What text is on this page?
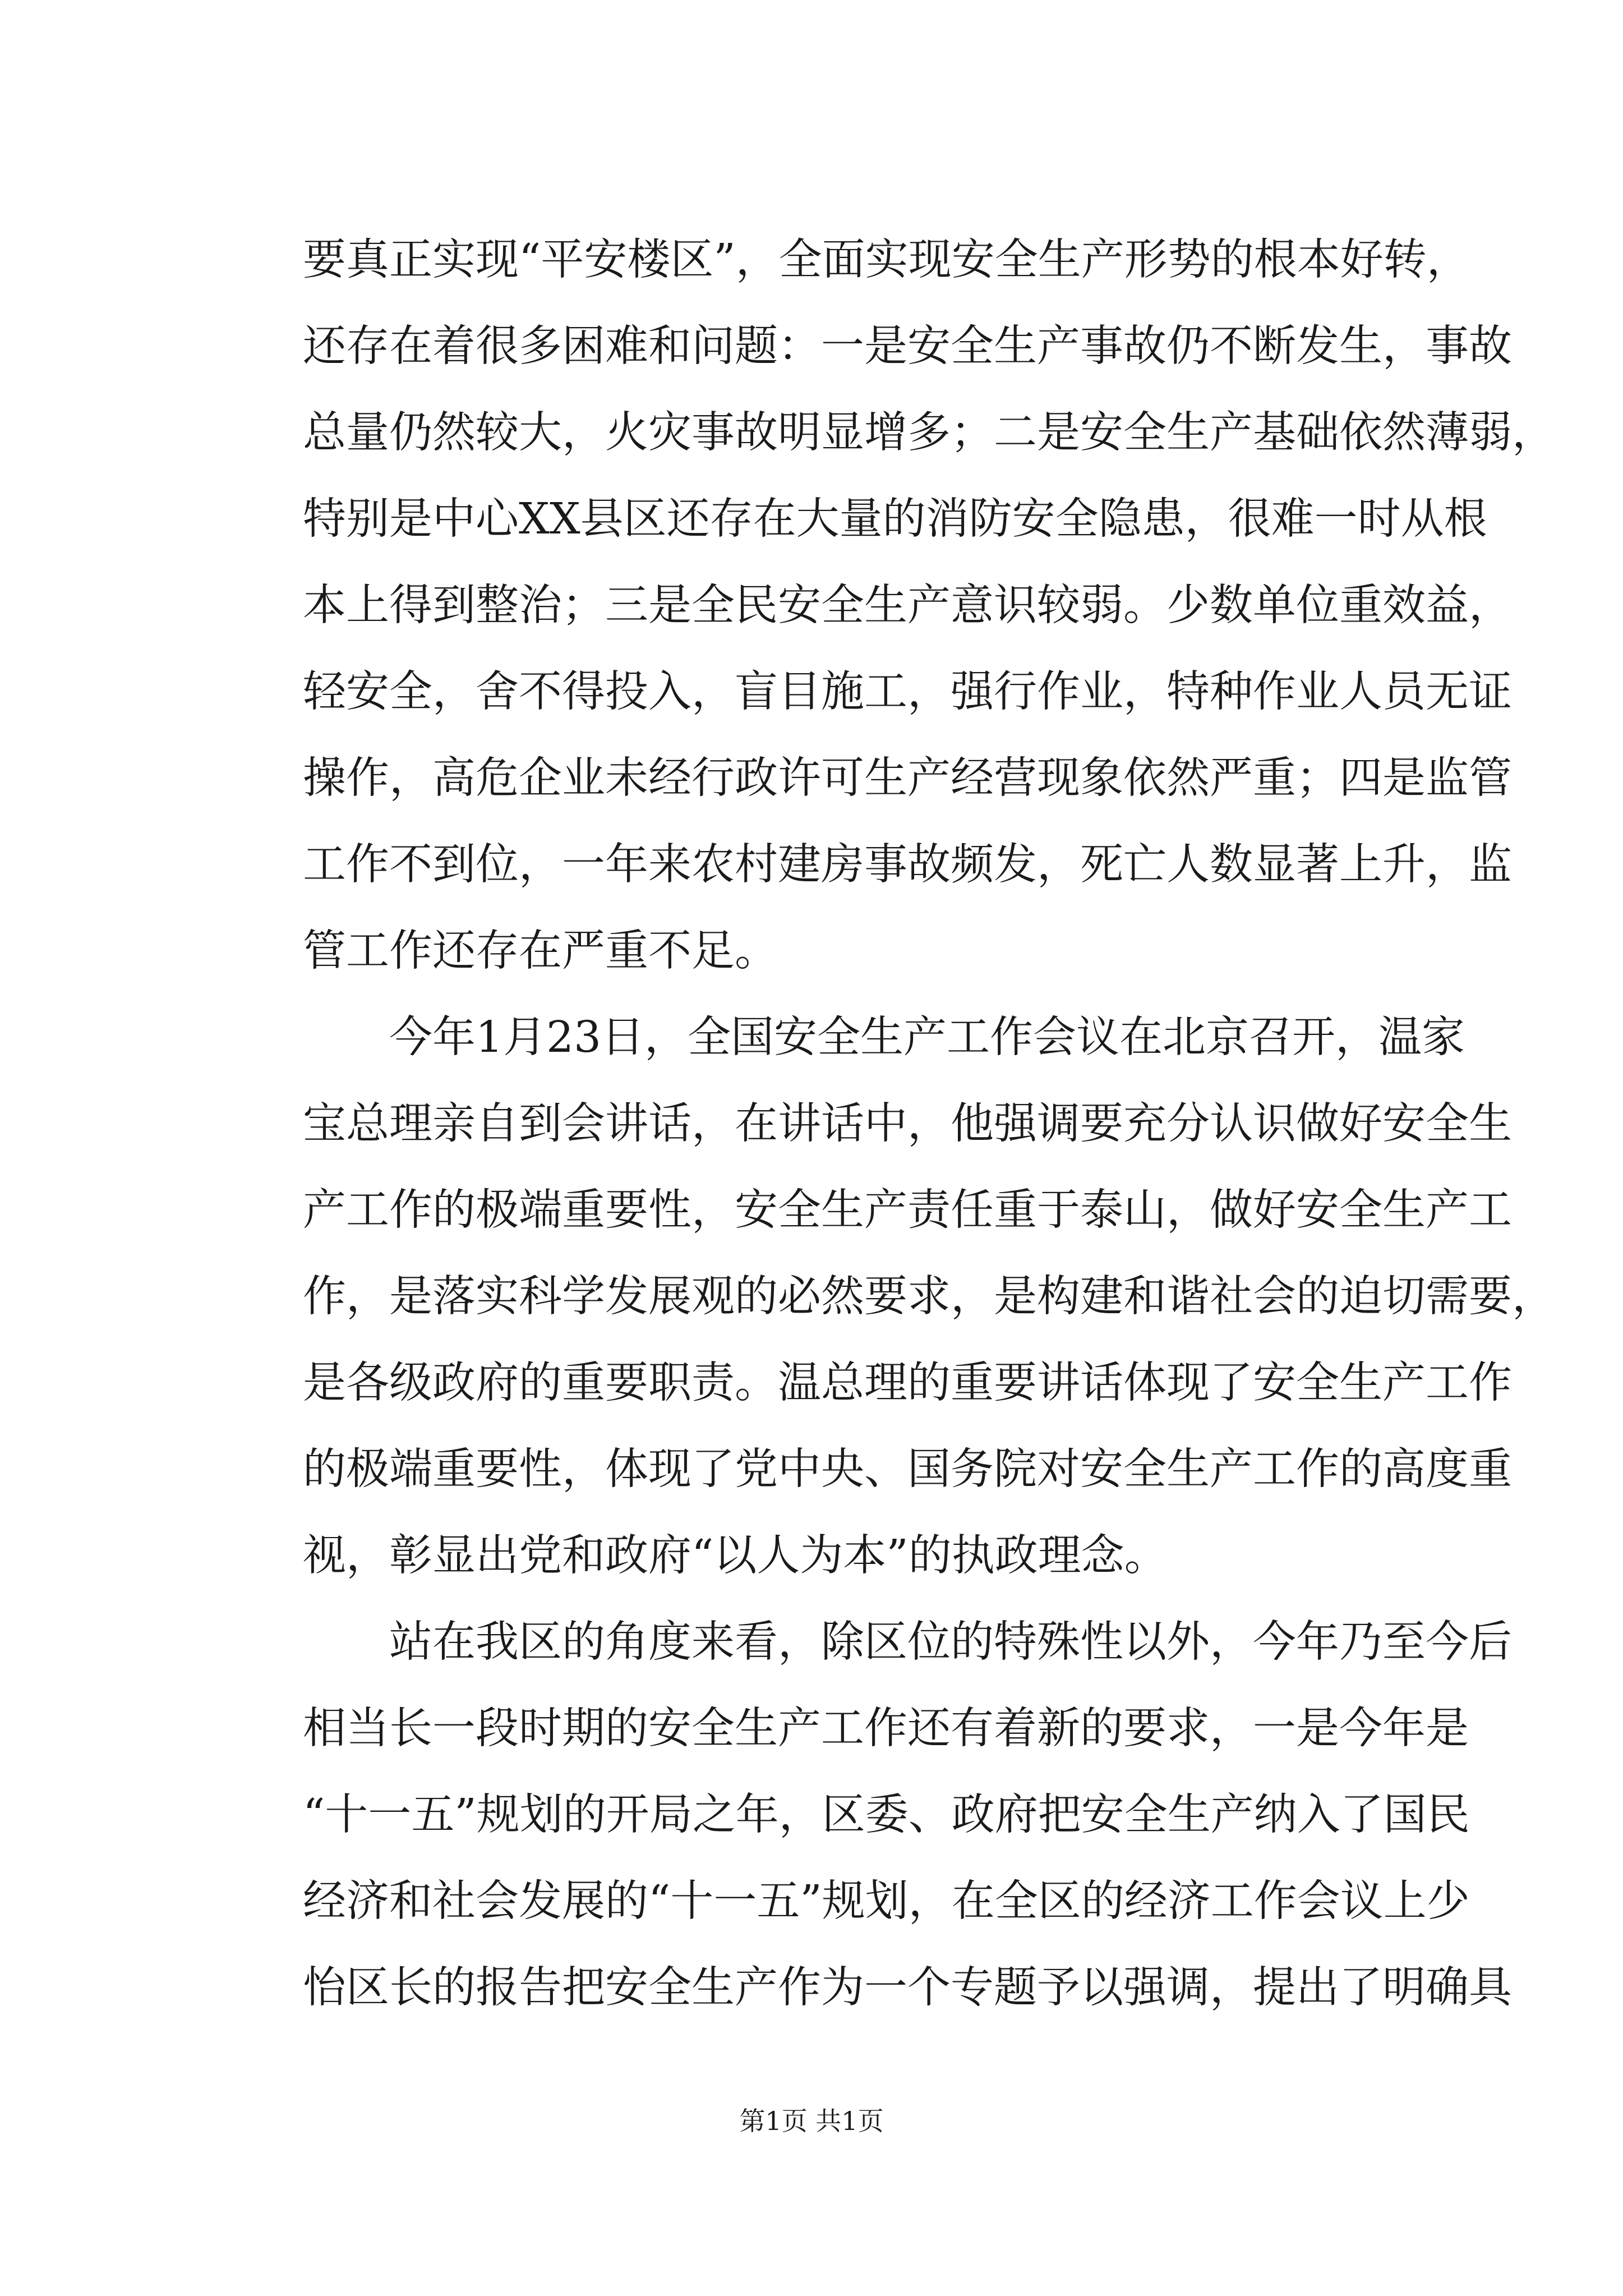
要真正实现“平安楼区”，全面实现安全生产形势的根本好转，
还存在着很多困难和问题：一是安全生产事故仍不断发生，事故
总量仍然较大，火灾事故明显增多；二是安全生产基础依然薄弱，
特别是中心XX县区还存在大量的消防安全隐患，很难一时从根
本上得到整治；三是全民安全生产意识较弱。少数单位重效益，
轻安全，舍不得投入，盲目施工，强行作业，特种作业人员无证
操作，高危企业未经行政许可生产经营现象依然严重；四是监管
工作不到位，一年来农村建房事故频发，死亡人数显著上升，监
管工作还存在严重不足。
今年1月23日，全国安全生产工作会议在北京召开，温家
宝总理亲自到会讲话，在讲话中，他强调要充分认识做好安全生
产工作的极端重要性，安全生产责任重于泰山，做好安全生产工
作，是落实科学发展观的必然要求，是构建和谐社会的迫切需要，
是各级政府的重要职责。温总理的重要讲话体现了安全生产工作
的极端重要性，体现了党中央、国务院对安全生产工作的高度重
视，彰显出党和政府“以人为本”的执政理念。
站在我区的角度来看，除区位的特殊性以外，今年乃至今后
相当长一段时期的安全生产工作还有着新的要求，一是今年是
“十一五”规划的开局之年，区委、政府把安全生产纳入了国民
经济和社会发展的“十一五”规划，在全区的经济工作会议上少
怡区长的报告把安全生产作为一个专题予以强调，提出了明确具
第1页 共1页
